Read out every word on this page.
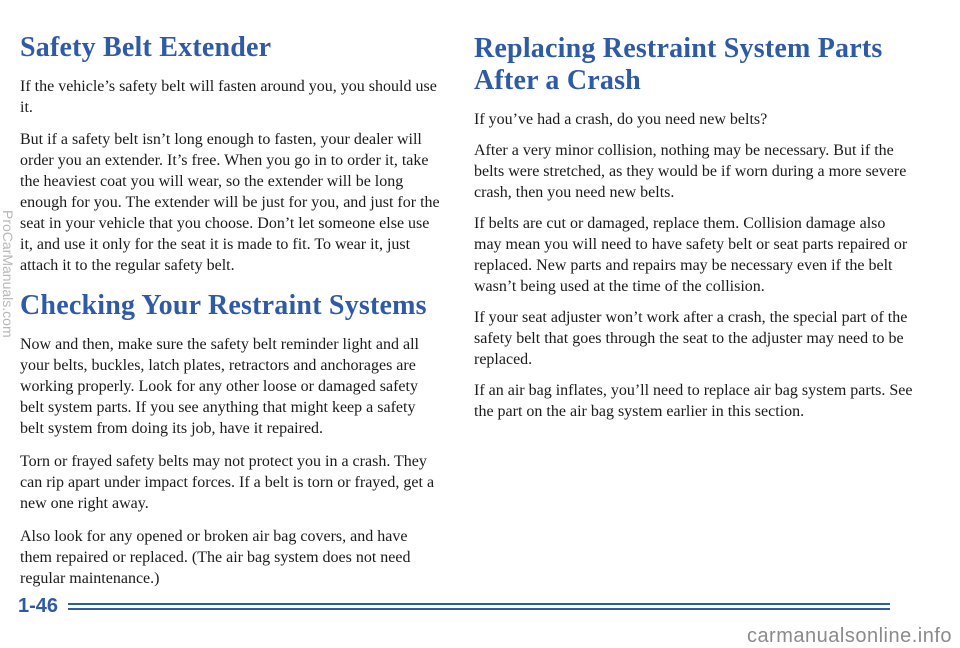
Safety Belt Extender

If the vehicle’s safety belt will fasten around you, you should use it.

But if a safety belt isn’t long enough to fasten, your dealer will order you an extender. It’s free. When you go in to order it, take the heaviest coat you will wear, so the extender will be long enough for you. The extender will be just for you, and just for the seat in your vehicle that you choose. Don’t let someone else use it, and use it only for the seat it is made to fit. To wear it, just attach it to the regular safety belt.

Checking Your Restraint Systems

Now and then, make sure the safety belt reminder light and all your belts, buckles, latch plates, retractors and anchorages are working properly. Look for any other loose or damaged safety belt system parts. If you see anything that might keep a safety belt system from doing its job, have it repaired.

Torn or frayed safety belts may not protect you in a crash. They can rip apart under impact forces. If a belt is torn or frayed, get a new one right away.

Also look for any opened or broken air bag covers, and have them repaired or replaced. (The air bag system does not need regular maintenance.)

Replacing Restraint System Parts After a Crash

If you’ve had a crash, do you need new belts?

After a very minor collision, nothing may be necessary. But if the belts were stretched, as they would be if worn during a more severe crash, then you need new belts.

If belts are cut or damaged, replace them. Collision damage also may mean you will need to have safety belt or seat parts repaired or replaced. New parts and repairs may be necessary even if the belt wasn’t being used at the time of the collision.

If your seat adjuster won’t work after a crash, the special part of the safety belt that goes through the seat to the adjuster may need to be replaced.

If an air bag inflates, you’ll need to replace air bag system parts. See the part on the air bag system earlier in this section.

1-46
ProCarManuals.com
carmanualsonline.info
